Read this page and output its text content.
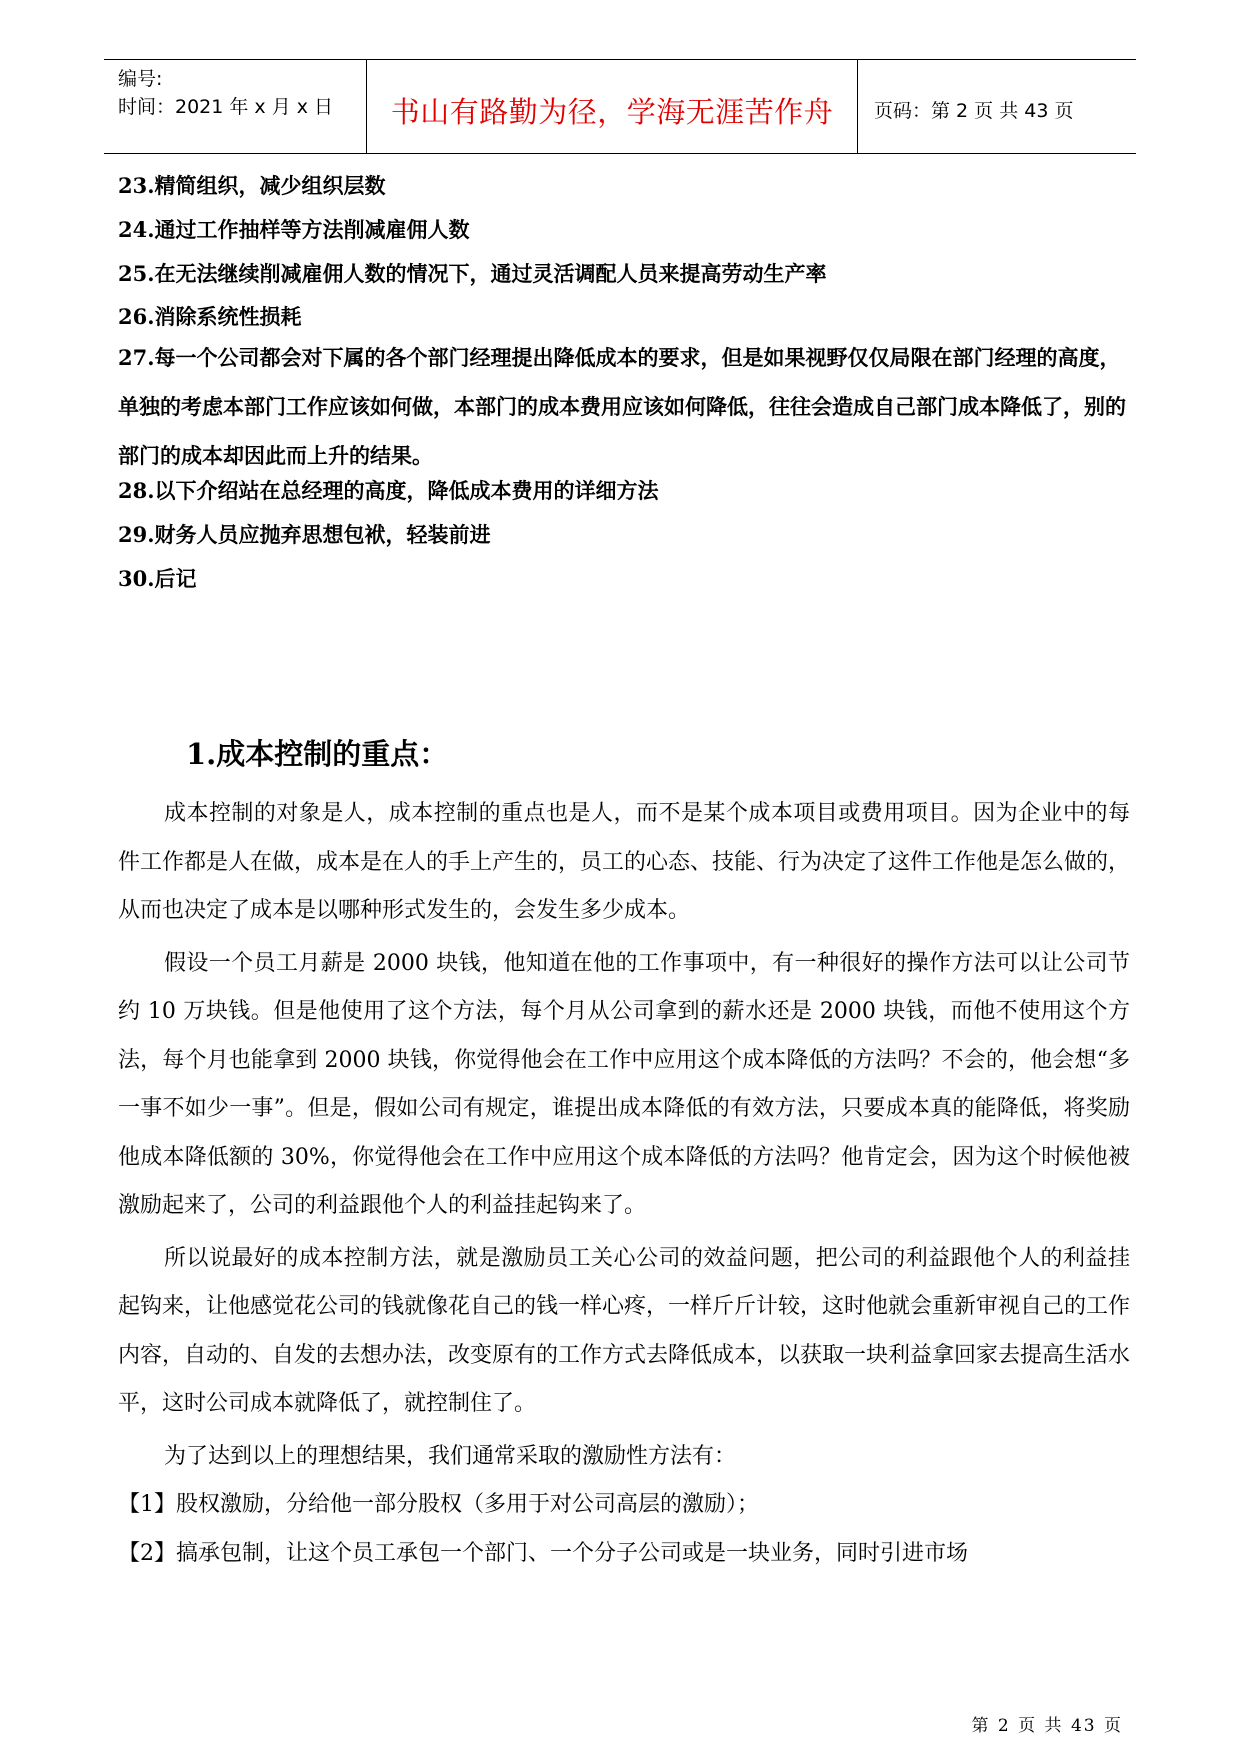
编号:
时间：2021 年 x 月 x 日	书山有路勤为径，学海无涯苦作舟	页码：第 2 页 共 43 页
23.精简组织，减少组织层数
24.通过工作抽样等方法削减雇佣人数
25.在无法继续削减雇佣人数的情况下，通过灵活调配人员来提高劳动生产率
26.消除系统性损耗
27.每一个公司都会对下属的各个部门经理提出降低成本的要求，但是如果视野仅仅局限在部门经理的高度，单独的考虑本部门工作应该如何做，本部门的成本费用应该如何降低，往往会造成自己部门成本降低了，别的部门的成本却因此而上升的结果。
28.以下介绍站在总经理的高度，降低成本费用的详细方法
29.财务人员应抛弃思想包袱，轻装前进
30.后记
1.成本控制的重点：

成本控制的对象是人，成本控制的重点也是人，而不是某个成本项目或费用项目。因为企业中的每件工作都是人在做，成本是在人的手上产生的，员工的心态、技能、行为决定了这件工作他是怎么做的，从而也决定了成本是以哪种形式发生的，会发生多少成本。

假设一个员工月薪是 2000 块钱，他知道在他的工作事项中，有一种很好的操作方法可以让公司节约 10 万块钱。但是他使用了这个方法，每个月从公司拿到的薪水还是 2000 块钱，而他不使用这个方法，每个月也能拿到 2000 块钱，你觉得他会在工作中应用这个成本降低的方法吗？不会的，他会想“多一事不如少一事”。但是，假如公司有规定，谁提出成本降低的有效方法，只要成本真的能降低，将奖励他成本降低额的 30%，你觉得他会在工作中应用这个成本降低的方法吗？他肯定会，因为这个时候他被激励起来了，公司的利益跟他个人的利益挂起钩来了。

所以说最好的成本控制方法，就是激励员工关心公司的效益问题，把公司的利益跟他个人的利益挂起钩来，让他感觉花公司的钱就像花自己的钱一样心疼，一样斤斤计较，这时他就会重新审视自己的工作内容，自动的、自发的去想办法，改变原有的工作方式去降低成本，以获取一块利益拿回家去提高生活水平，这时公司成本就降低了，就控制住了。

为了达到以上的理想结果，我们通常采取的激励性方法有：

【1】股权激励，分给他一部分股权（多用于对公司高层的激励）；

【2】搞承包制，让这个员工承包一个部门、一个分子公司或是一块业务，同时引进市场

第 2 页 共 43 页
